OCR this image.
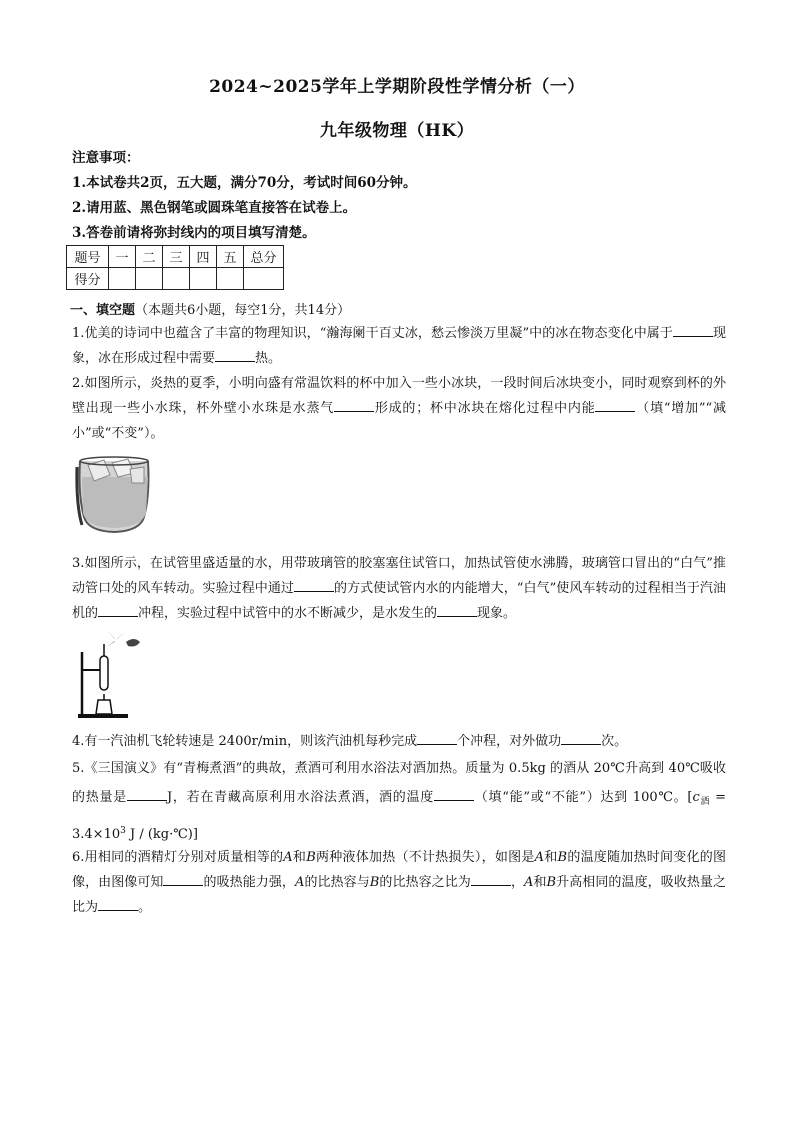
2024~2025学年上学期阶段性学情分析（一）
九年级物理（HK）
注意事项：
1.本试卷共2页，五大题，满分70分，考试时间60分钟。
2.请用蓝、黑色钢笔或圆珠笔直接答在试卷上。
3.答卷前请将弥封线内的项目填写清楚。
题号	一	二	三	四	五	总分
得分						
一、填空题（本题共6小题，每空1分，共14分）

1.优美的诗词中也蕴含了丰富的物理知识，“瀚海阑干百丈冰，愁云惨淡万里凝”中的冰在物态变化中属于	现象，冰在形成过程中需要	热。

2.如图所示，炎热的夏季，小明向盛有常温饮料的杯中加入一些小冰块，一段时间后冰块变小，同时观察到杯的外壁出现一些小水珠，杯外壁小水珠是水蒸气	形成的；杯中冰块在熔化过程中内能	（填“增加”“减小”或“不变”）。

3.如图所示，在试管里盛适量的水，用带玻璃管的胶塞塞住试管口，加热试管使水沸腾，玻璃管口冒出的“白气”推动管口处的风车转动。实验过程中通过	的方式使试管内水的内能增大，“白气”使风车转动的过程相当于汽油机的	冲程，实验过程中试管中的水不断减少，是水发生的	现象。

4.有一汽油机飞轮转速是 2400r/min，则该汽油机每秒完成	个冲程，对外做功	次。

5.《三国演义》有“青梅煮酒”的典故，煮酒可利用水浴法对酒加热。质量为 0.5kg 的酒从 20℃升高到 40℃吸收的热量是	J，若在青藏高原利用水浴法煮酒，酒的温度	（填“能”或“不能”）达到 100℃。[$c_酒 = 3.4\times 10^3$ J / (kg·℃)]

6.用相同的酒精灯分别对质量相等的A和B两种液体加热（不计热损失），如图是A和B的温度随加热时间变化的图像，由图像可知	的吸热能力强，A的比热容与B的比热容之比为	，A和B升高相同的温度，吸收热量之比为	。
